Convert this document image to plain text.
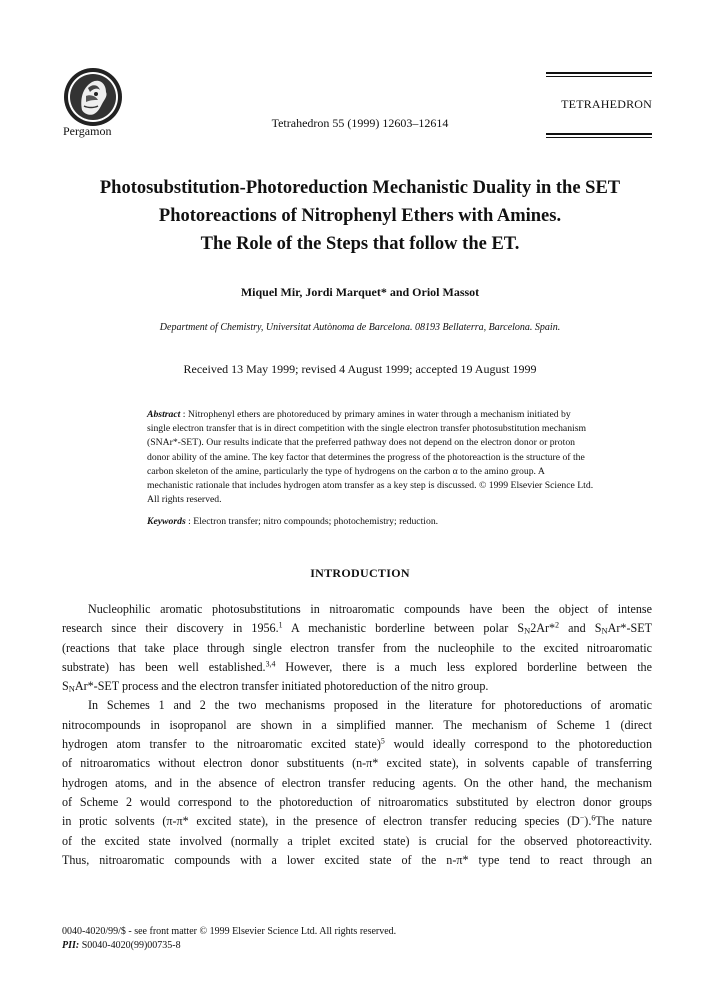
Pergamon
Tetrahedron 55 (1999) 12603–12614
TETRAHEDRON
Photosubstitution-Photoreduction Mechanistic Duality in the SET
Photoreactions of Nitrophenyl Ethers with Amines.
The Role of the Steps that follow the ET.
Miquel Mir, Jordi Marquet* and Oriol Massot
Department of Chemistry, Universitat Autònoma de Barcelona. 08193 Bellaterra, Barcelona. Spain.
Received 13 May 1999; revised 4 August 1999; accepted 19 August 1999
Abstract : Nitrophenyl ethers are photoreduced by primary amines in water through a mechanism initiated by
single electron transfer that is in direct competition with the single electron transfer photosubstitution mechanism
(SNAr*-SET). Our results indicate that the preferred pathway does not depend on the electron donor or proton
donor ability of the amine. The key factor that determines the progress of the photoreaction is the structure of the
carbon skeleton of the amine, particularly the type of hydrogens on the carbon α to the amino group. A
mechanistic rationale that includes hydrogen atom transfer as a key step is discussed. © 1999 Elsevier Science Ltd.
All rights reserved.
Keywords : Electron transfer; nitro compounds; photochemistry; reduction.
INTRODUCTION

Nucleophilic aromatic photosubstitutions in nitroaromatic compounds have been the object of intense
research since their discovery in 1956.$^1$ A mechanistic borderline between polar $S_N2Ar*^2$ and $S_NAr*$-SET
(reactions that take place through single electron transfer from the nucleophile to the excited nitroaromatic
substrate) has been well established.$^{3,4}$ However, there is a much less explored borderline between the
$S_NAr*$-SET process and the electron transfer initiated photoreduction of the nitro group.

In Schemes 1 and 2 the two mechanisms proposed in the literature for photoreductions of aromatic
nitrocompounds in isopropanol are shown in a simplified manner. The mechanism of Scheme 1 (direct
hydrogen atom transfer to the nitroaromatic excited state)$^5$ would ideally correspond to the photoreduction
of nitroaromatics without electron donor substituents (n-π* excited state), in solvents capable of transferring
hydrogen atoms, and in the absence of electron transfer reducing agents. On the other hand, the mechanism
of Scheme 2 would correspond to the photoreduction of nitroaromatics substituted by electron donor groups
in protic solvents (π-π* excited state), in the presence of electron transfer reducing species (D−).$^6$The nature
of the excited state involved (normally a triplet excited state) is crucial for the observed photoreactivity.
Thus, nitroaromatic compounds with a lower excited state of the n-π* type tend to react through an

0040-4020/99/$ - see front matter © 1999 Elsevier Science Ltd. All rights reserved.
PII: S0040-4020(99)00735-8
